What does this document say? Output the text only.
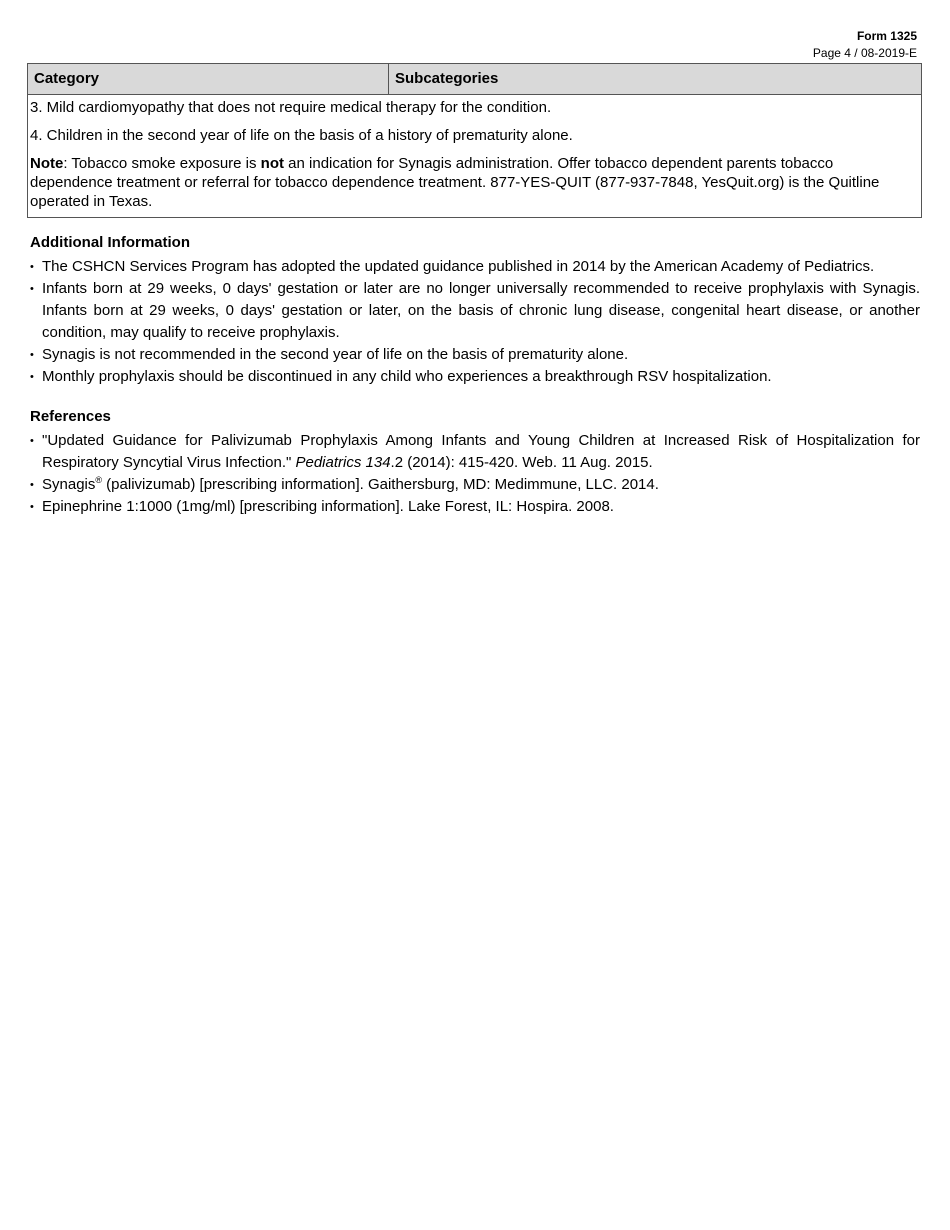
Form 1325
Page 4 / 08-2019-E
Category	Subcategories

3. Mild cardiomyopathy that does not require medical therapy for the condition.

4. Children in the second year of life on the basis of a history of prematurity alone.

Note: Tobacco smoke exposure is not an indication for Synagis administration. Offer tobacco dependent parents tobacco dependence treatment or referral for tobacco dependence treatment. 877-YES-QUIT (877-937-7848, YesQuit.org) is the Quitline operated in Texas.

Additional Information
• The CSHCN Services Program has adopted the updated guidance published in 2014 by the American Academy of Pediatrics.
• Infants born at 29 weeks, 0 days' gestation or later are no longer universally recommended to receive prophylaxis with Synagis. Infants born at 29 weeks, 0 days' gestation or later, on the basis of chronic lung disease, congenital heart disease, or another condition, may qualify to receive prophylaxis.
• Synagis is not recommended in the second year of life on the basis of prematurity alone.
• Monthly prophylaxis should be discontinued in any child who experiences a breakthrough RSV hospitalization.
References
• "Updated Guidance for Palivizumab Prophylaxis Among Infants and Young Children at Increased Risk of Hospitalization for Respiratory Syncytial Virus Infection." Pediatrics 134.2 (2014): 415-420. Web. 11 Aug. 2015.
• Synagis® (palivizumab) [prescribing information]. Gaithersburg, MD: Medimmune, LLC. 2014.
• Epinephrine 1:1000 (1mg/ml) [prescribing information]. Lake Forest, IL: Hospira. 2008.
